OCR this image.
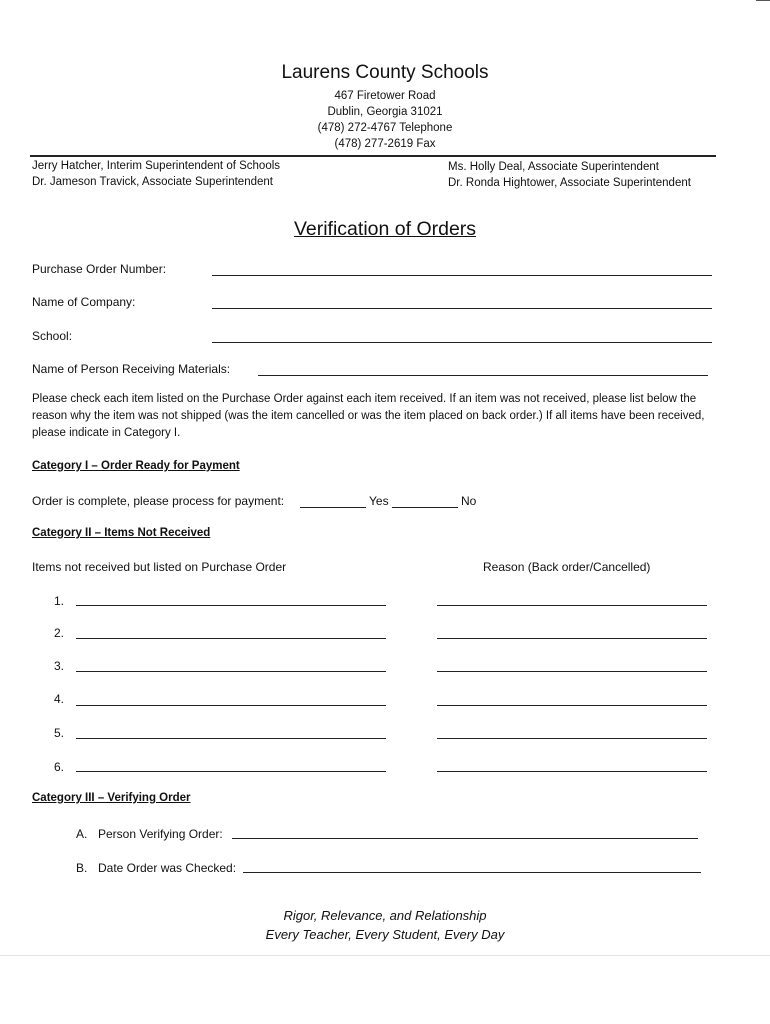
Laurens County Schools
467 Firetower Road
Dublin, Georgia 31021
(478) 272-4767 Telephone
(478) 277-2619 Fax
Jerry Hatcher, Interim Superintendent of Schools
Dr. Jameson Travick, Associate Superintendent
Ms. Holly Deal, Associate Superintendent
Dr. Ronda Hightower, Associate Superintendent
Verification of Orders
Purchase Order Number:
Name of Company:
School:
Name of Person Receiving Materials:
Please check each item listed on the Purchase Order against each item received. If an item was not received, please list below the reason why the item was not shipped (was the item cancelled or was the item placed on back order.) If all items have been received, please indicate in Category I.
Category I – Order Ready for Payment
Order is complete, please process for payment:	Yes	No
Category II – Items Not Received
Items not received but listed on Purchase Order	Reason (Back order/Cancelled)
1.
2.
3.
4.
5.
6.
Category III – Verifying Order
A. Person Verifying Order:
B. Date Order was Checked:
Rigor, Relevance, and Relationship
Every Teacher, Every Student, Every Day
